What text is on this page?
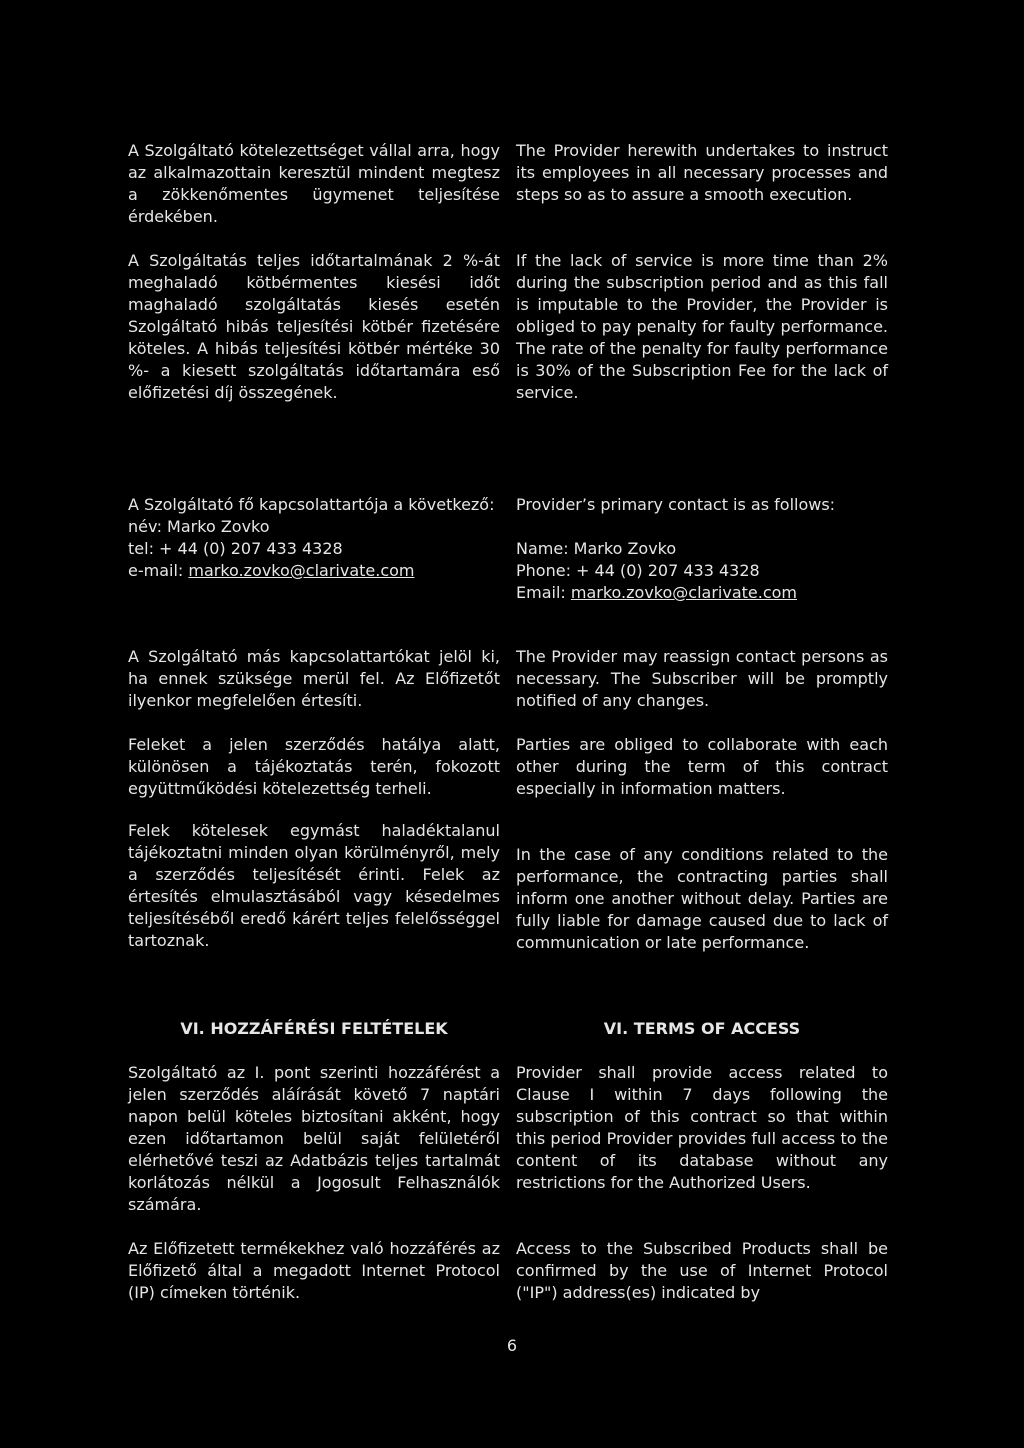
A Szolgáltató kötelezettséget vállal arra, hogy az alkalmazottain keresztül mindent megtesz a zökkenőmentes ügymenet teljesítése érdekében.

The Provider herewith undertakes to instruct its employees in all necessary processes and steps so as to assure a smooth execution.

A Szolgáltatás teljes időtartalmának 2 %-át meghaladó kötbérmentes kiesési időt maghaladó szolgáltatás kiesés esetén Szolgáltató hibás teljesítési kötbér fizetésére köteles. A hibás teljesítési kötbér mértéke 30 %- a kiesett szolgáltatás időtartamára eső előfizetési díj összegének.

If the lack of service is more time than 2% during the subscription period and as this fall is imputable to the Provider, the Provider is obliged to pay penalty for faulty performance. The rate of the penalty for faulty performance is 30% of the Subscription Fee for the lack of service.

A Szolgáltató fő kapcsolattartója a következő:

név: Marko Zovko
tel: + 44 (0) 207 433 4328
e-mail: marko.zovko@clarivate.com

Provider’s primary contact is as follows:

Name: Marko Zovko
Phone: + 44 (0) 207 433 4328
Email: marko.zovko@clarivate.com

A Szolgáltató más kapcsolattartókat jelöl ki, ha ennek szüksége merül fel. Az Előfizetőt ilyenkor megfelelően értesíti.

The Provider may reassign contact persons as necessary. The Subscriber will be promptly notified of any changes.

Feleket a jelen szerződés hatálya alatt, különösen a tájékoztatás terén, fokozott együttműködési kötelezettség terheli.

Parties are obliged to collaborate with each other during the term of this contract especially in information matters.

Felek kötelesek egymást haladéktalanul tájékoztatni minden olyan körülményről, mely a szerződés teljesítését érinti. Felek az értesítés elmulasztásából vagy késedelmes teljesítéséből eredő kárért teljes felelősséggel tartoznak.

In the case of any conditions related to the performance, the contracting parties shall inform one another without delay. Parties are fully liable for damage caused due to lack of communication or late performance.

VI. HOZZÁFÉRÉSI FELTÉTELEK	VI. TERMS OF ACCESS

Szolgáltató az I. pont szerinti hozzáférést a jelen szerződés aláírását követő 7 naptári napon belül köteles biztosítani akként, hogy ezen időtartamon belül saját felületéről elérhetővé teszi az Adatbázis teljes tartalmát korlátozás nélkül a Jogosult Felhasználók számára.

Provider shall provide access related to Clause I within 7 days following the subscription of this contract so that within this period Provider provides full access to the content of its database without any restrictions for the Authorized Users.

Az Előfizetett termékekhez való hozzáférés az Előfizető által a megadott Internet Protocol (IP) címeken történik.

Access to the Subscribed Products shall be confirmed by the use of Internet Protocol ("IP") address(es) indicated by

6
